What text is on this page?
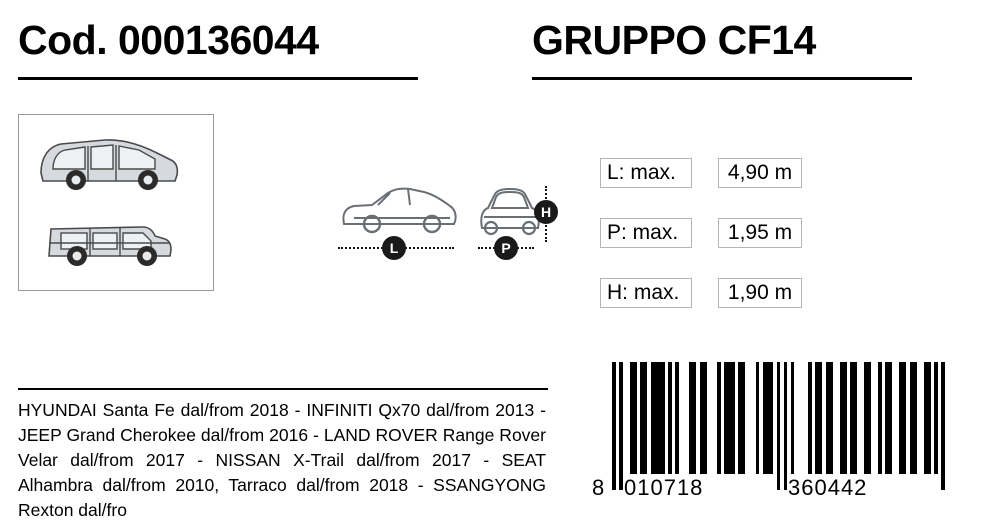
Cod. 000136044	GRUPPO CF14
L	P
H
L: max.	4,90 m
P: max.	1,95 m
H: max.	1,90 m
HYUNDAI Santa Fe dal/from 2018 - INFINITI Qx70 dal/from 2013 - JEEP Grand Cherokee dal/from 2016 - LAND ROVER Range Rover Velar dal/from 2017 - NISSAN X-Trail dal/from 2017 - SEAT Alhambra dal/from 2010, Tarraco dal/from 2018 - SSANGYONG Rexton dal/fro
8 010718	360442
